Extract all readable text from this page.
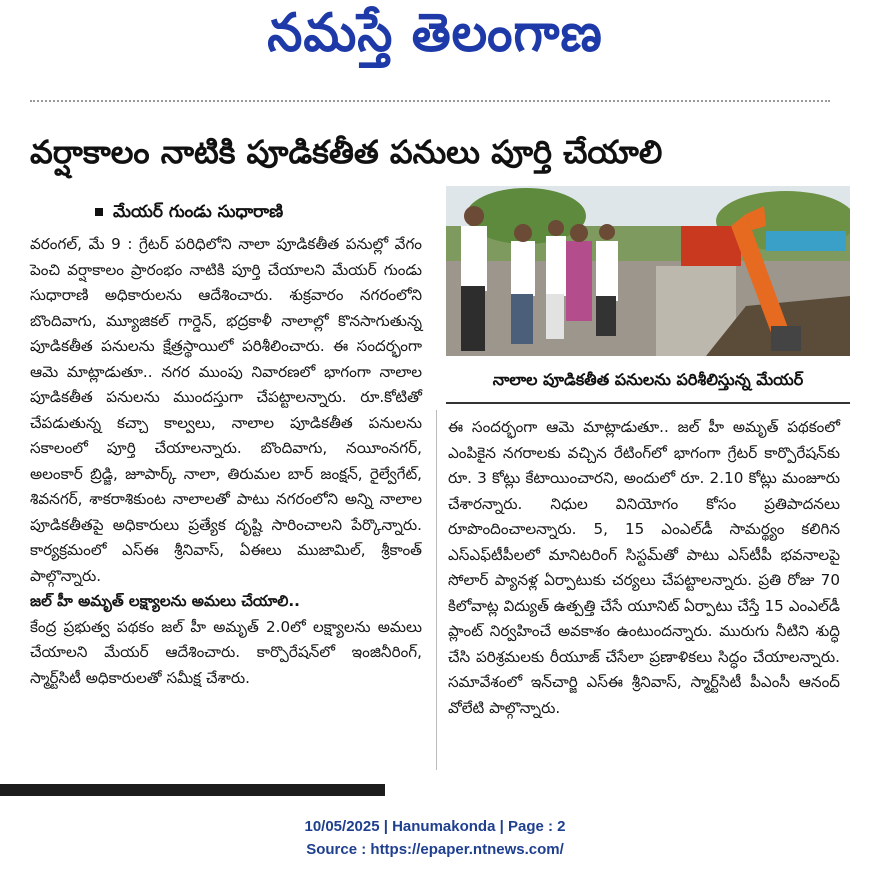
నమస్తే తెలంగాణ
వర్షాకాలం నాటికి పూడికతీత పనులు పూర్తి చేయాలి
మేయర్ గుండు సుధారాణి

వరంగల్, మే 9 : గ్రేటర్ పరిధిలోని నాలా పూడికతీత పనుల్లో వేగం పెంచి వర్షాకాలం ప్రారంభం నాటికి పూర్తి చేయాలని మేయర్ గుండు సుధారాణి అధికారులను ఆదేశించారు. శుక్రవారం నగరంలోని బొందివాగు, మ్యూజికల్ గార్డెన్, భద్రకాళీ నాలాల్లో కొనసాగుతున్న పూడికతీత పనులను క్షేత్రస్థాయిలో పరిశీలించారు. ఈ సందర్భంగా ఆమె మాట్లాడుతూ.. నగర ముంపు నివారణలో భాగంగా నాలాల పూడికతీత పనులను ముందస్తుగా చేపట్టాలన్నారు. రూ.కోటితో చేపడుతున్న కచ్చా కాల్వలు, నాలాల పూడికతీత పనులను సకాలంలో పూర్తి చేయాలన్నారు. బొందివాగు, నయీంనగర్, అలంకార్ బ్రిడ్జి, జూపార్క్ నాలా, తిరుమల బార్ జంక్షన్, రైల్వేగేట్, శివనగర్, శాకరాశికుంట నాలాలతో పాటు నగరంలోని అన్ని నాలాల పూడికతీతపై అధికారులు ప్రత్యేక దృష్టి సారించాలని పేర్కొన్నారు. కార్యక్రమంలో ఎస్ఈ శ్రీనివాస్, ఏఈలు ముజామిల్, శ్రీకాంత్ పాల్గొన్నారు.

జల్ హీ అమృత్ లక్ష్యాలను అమలు చేయాలి..

కేంద్ర ప్రభుత్వ పథకం జల్ హీ అమృత్ 2.0లో లక్ష్యాలను అమలు చేయాలని మేయర్ ఆదేశించారు. కార్పొరేషన్‌లో ఇంజినీరింగ్, స్మార్ట్‌సిటీ అధికారులతో సమీక్ష చేశారు.

నాలాల పూడికతీత పనులను పరిశీలిస్తున్న మేయర్

ఈ సందర్భంగా ఆమె మాట్లాడుతూ.. జల్ హీ అమృత్ పథకంలో ఎంపికైన నగరాలకు వచ్చిన రేటింగ్‌లో భాగంగా గ్రేటర్ కార్పొరేషన్‌కు రూ. 3 కోట్లు కేటాయించారని, అందులో రూ. 2.10 కోట్లు మంజూరు చేశారన్నారు. నిధుల వినియోగం కోసం ప్రతిపాదనలు రూపొందించాలన్నారు. 5, 15 ఎంఎల్‌డీ సామర్థ్యం కలిగిన ఎస్‌ఎఫ్‌టీపీలలో మానిటరింగ్ సిస్టమ్‌తో పాటు ఎస్‌టీపీ భవనాలపై సోలార్ ప్యానళ్ల ఏర్పాటుకు చర్యలు చేపట్టాలన్నారు. ప్రతి రోజు 70 కిలోవాట్ల విద్యుత్ ఉత్పత్తి చేసే యూనిట్ ఏర్పాటు చేస్తే 15 ఎంఎల్‌డీ ప్లాంట్ నిర్వహించే అవకాశం ఉంటుందన్నారు. మురుగు నీటిని శుద్ధి చేసి పరిశ్రమలకు రీయూజ్ చేసేలా ప్రణాళికలు సిద్ధం చేయాలన్నారు. సమావేశంలో ఇన్‌చార్జి ఎస్ఈ శ్రీనివాస్, స్మార్ట్‌సిటీ పీఎంసీ ఆనంద్ వోలేటి పాల్గొన్నారు.

10/05/2025 | Hanumakonda | Page : 2
Source : https://epaper.ntnews.com/
